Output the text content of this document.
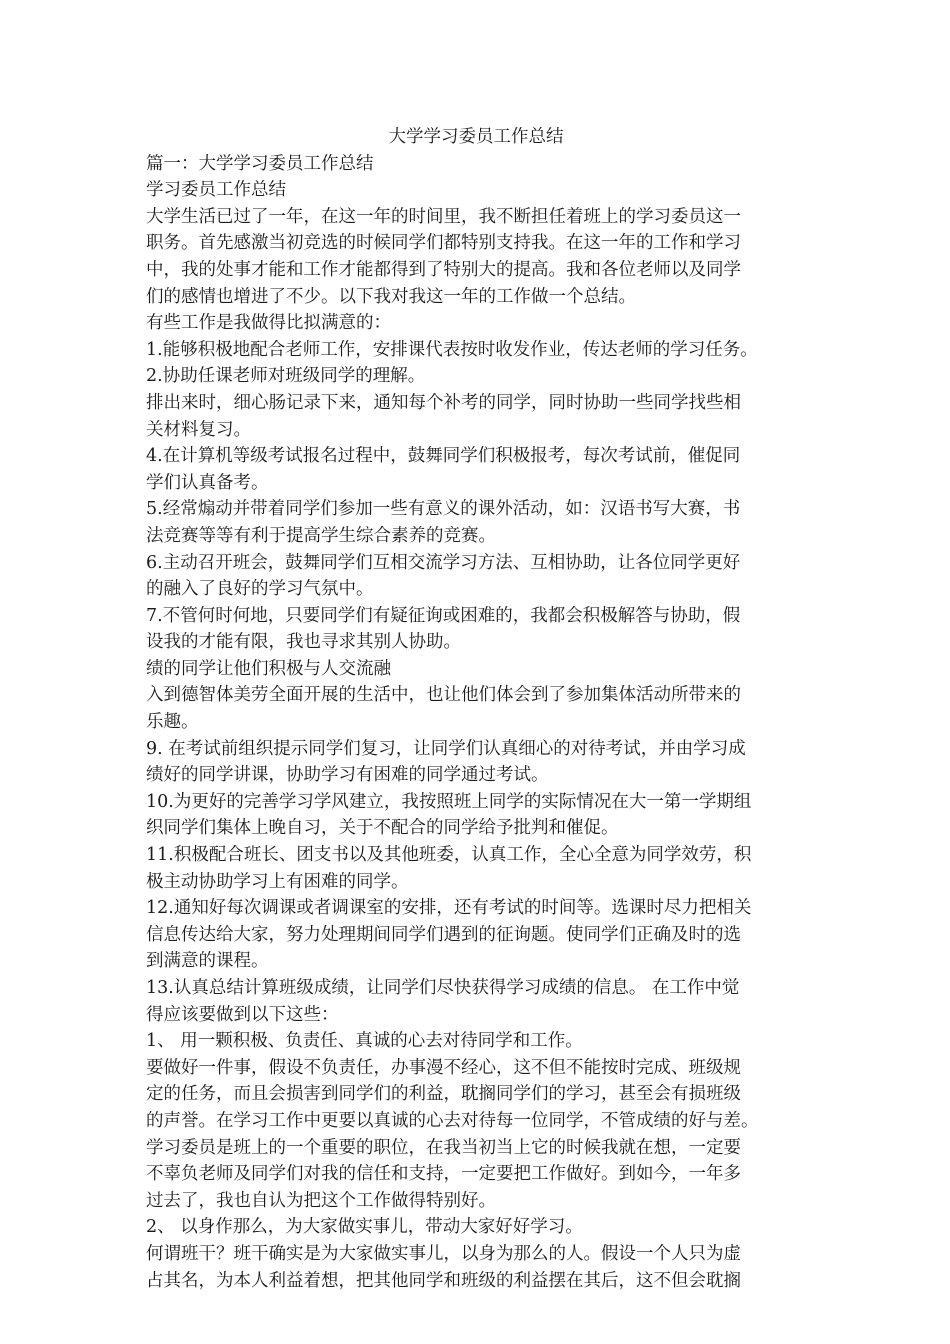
大学学习委员工作总结

篇一：大学学习委员工作总结

学习委员工作总结

大学生活已过了一年，在这一年的时间里，我不断担任着班上的学习委员这一

职务。首先感激当初竞选的时候同学们都特别支持我。在这一年的工作和学习

中，我的处事才能和工作才能都得到了特别大的提高。我和各位老师以及同学

们的感情也增进了不少。以下我对我这一年的工作做一个总结。

有些工作是我做得比拟满意的：

1.能够积极地配合老师工作，安排课代表按时收发作业，传达老师的学习任务。

2.协助任课老师对班级同学的理解。

排出来时，细心肠记录下来，通知每个补考的同学，同时协助一些同学找些相

关材料复习。

4.在计算机等级考试报名过程中，鼓舞同学们积极报考，每次考试前，催促同

学们认真备考。

5.经常煽动并带着同学们参加一些有意义的课外活动，如：汉语书写大赛，书

法竞赛等等有利于提高学生综合素养的竞赛。

6.主动召开班会，鼓舞同学们互相交流学习方法、互相协助，让各位同学更好

的融入了良好的学习气氛中。

7.不管何时何地，只要同学们有疑征询或困难的，我都会积极解答与协助，假

设我的才能有限，我也寻求其别人协助。

绩的同学让他们积极与人交流融

入到德智体美劳全面开展的生活中，也让他们体会到了参加集体活动所带来的

乐趣。

9. 在考试前组织提示同学们复习，让同学们认真细心的对待考试，并由学习成

绩好的同学讲课，协助学习有困难的同学通过考试。

10.为更好的完善学习学风建立，我按照班上同学的实际情况在大一第一学期组

织同学们集体上晚自习，关于不配合的同学给予批判和催促。

11.积极配合班长、团支书以及其他班委，认真工作，全心全意为同学效劳，积

极主动协助学习上有困难的同学。

12.通知好每次调课或者调课室的安排，还有考试的时间等。选课时尽力把相关

信息传达给大家，努力处理期间同学们遇到的征询题。使同学们正确及时的选

到满意的课程。

13.认真总结计算班级成绩，让同学们尽快获得学习成绩的信息。 在工作中觉

得应该要做到以下这些：

1、 用一颗积极、负责任、真诚的心去对待同学和工作。

要做好一件事，假设不负责任，办事漫不经心，这不但不能按时完成、班级规

定的任务，而且会损害到同学们的利益，耽搁同学们的学习，甚至会有损班级

的声誉。在学习工作中更要以真诚的心去对待每一位同学，不管成绩的好与差。

学习委员是班上的一个重要的职位，在我当初当上它的时候我就在想，一定要

不辜负老师及同学们对我的信任和支持，一定要把工作做好。到如今，一年多

过去了，我也自认为把这个工作做得特别好。

2、 以身作那么，为大家做实事儿，带动大家好好学习。

何谓班干？班干确实是为大家做实事儿，以身为那么的人。假设一个人只为虚

占其名，为本人利益着想，把其他同学和班级的利益摆在其后，这不但会耽搁
